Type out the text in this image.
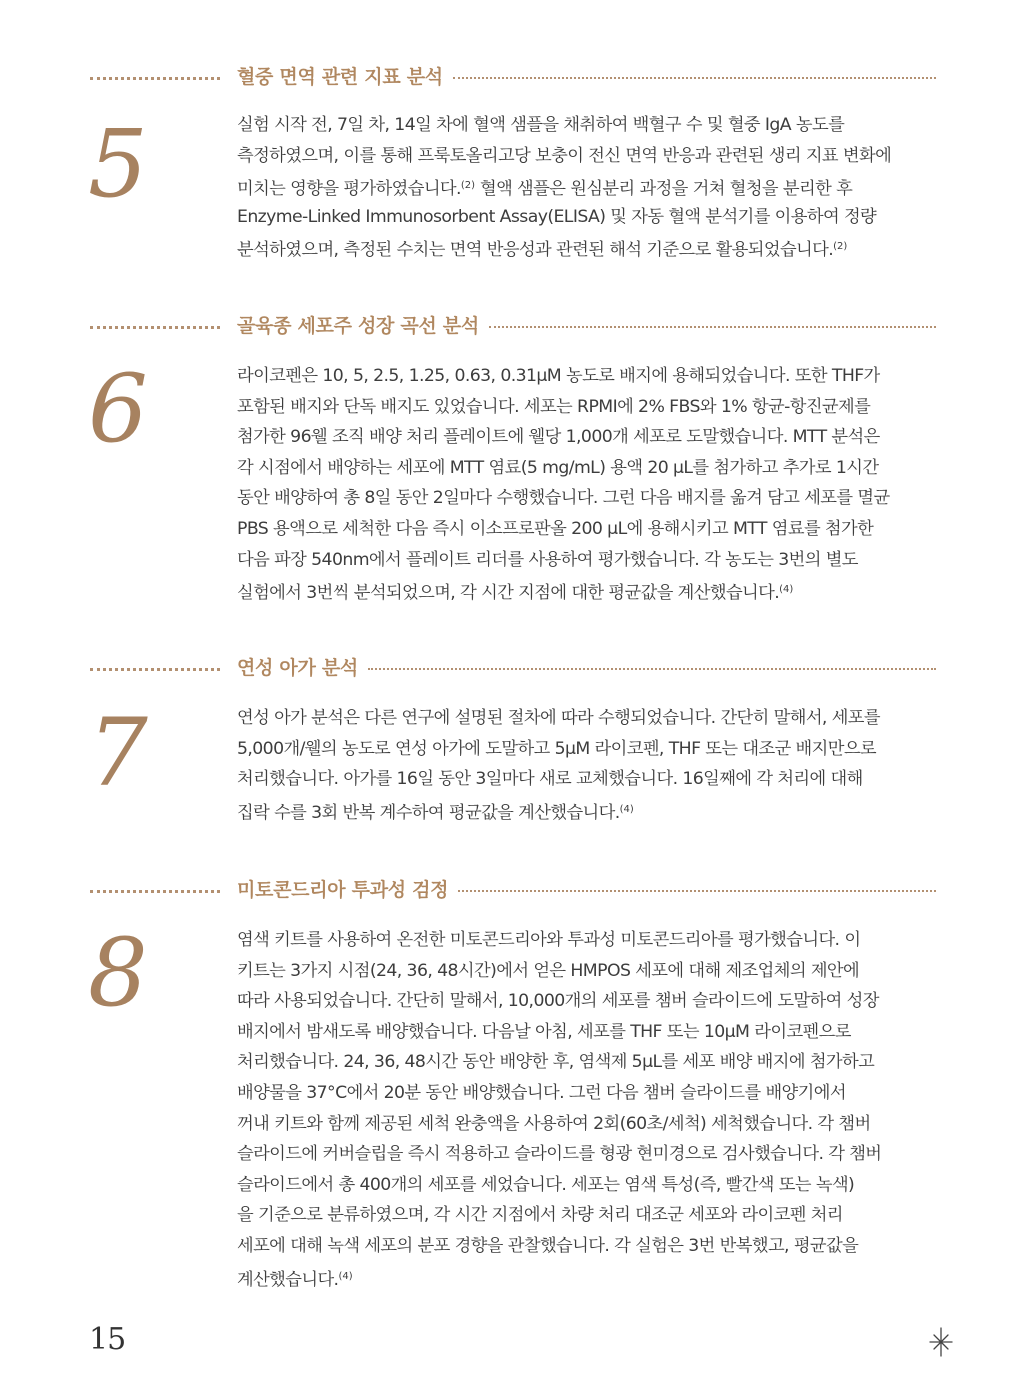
혈중 면역 관련 지표 분석
5	실험 시작 전, 7일 차, 14일 차에 혈액 샘플을 채취하여 백혈구 수 및 혈중 IgA 농도를
측정하였으며, 이를 통해 프룩토올리고당 보충이 전신 면역 반응과 관련된 생리 지표 변화에
미치는 영향을 평가하였습니다.$^{(2)}$ 혈액 샘플은 원심분리 과정을 거쳐 혈청을 분리한 후
Enzyme-Linked Immunosorbent Assay(ELISA) 및 자동 혈액 분석기를 이용하여 정량
분석하였으며, 측정된 수치는 면역 반응성과 관련된 해석 기준으로 활용되었습니다.$^{(2)}$
골육종 세포주 성장 곡선 분석
6	라이코펜은 10, 5, 2.5, 1.25, 0.63, 0.31μM 농도로 배지에 용해되었습니다. 또한 THF가
포함된 배지와 단독 배지도 있었습니다. 세포는 RPMI에 2% FBS와 1% 항균-항진균제를
첨가한 96웰 조직 배양 처리 플레이트에 웰당 1,000개 세포로 도말했습니다. MTT 분석은
각 시점에서 배양하는 세포에 MTT 염료(5 mg/mL) 용액 20 μL를 첨가하고 추가로 1시간
동안 배양하여 총 8일 동안 2일마다 수행했습니다. 그런 다음 배지를 옮겨 담고 세포를 멸균
PBS 용액으로 세척한 다음 즉시 이소프로판올 200 μL에 용해시키고 MTT 염료를 첨가한
다음 파장 540nm에서 플레이트 리더를 사용하여 평가했습니다. 각 농도는 3번의 별도
실험에서 3번씩 분석되었으며, 각 시간 지점에 대한 평균값을 계산했습니다.$^{(4)}$
연성 아가 분석
7	연성 아가 분석은 다른 연구에 설명된 절차에 따라 수행되었습니다. 간단히 말해서, 세포를
5,000개/웰의 농도로 연성 아가에 도말하고 5μM 라이코펜, THF 또는 대조군 배지만으로
처리했습니다. 아가를 16일 동안 3일마다 새로 교체했습니다. 16일째에 각 처리에 대해
집락 수를 3회 반복 계수하여 평균값을 계산했습니다.$^{(4)}$
미토콘드리아 투과성 검정
8	염색 키트를 사용하여 온전한 미토콘드리아와 투과성 미토콘드리아를 평가했습니다. 이
키트는 3가지 시점(24, 36, 48시간)에서 얻은 HMPOS 세포에 대해 제조업체의 제안에
따라 사용되었습니다. 간단히 말해서, 10,000개의 세포를 챔버 슬라이드에 도말하여 성장
배지에서 밤새도록 배양했습니다. 다음날 아침, 세포를 THF 또는 10μM 라이코펜으로
처리했습니다. 24, 36, 48시간 동안 배양한 후, 염색제 5μL를 세포 배양 배지에 첨가하고
배양물을 37°C에서 20분 동안 배양했습니다. 그런 다음 챔버 슬라이드를 배양기에서
꺼내 키트와 함께 제공된 세척 완충액을 사용하여 2회(60초/세척) 세척했습니다. 각 챔버
슬라이드에 커버슬립을 즉시 적용하고 슬라이드를 형광 현미경으로 검사했습니다. 각 챔버
슬라이드에서 총 400개의 세포를 세었습니다. 세포는 염색 특성(즉, 빨간색 또는 녹색)
을 기준으로 분류하였으며, 각 시간 지점에서 차량 처리 대조군 세포와 라이코펜 처리
세포에 대해 녹색 세포의 분포 경향을 관찰했습니다. 각 실험은 3번 반복했고, 평균값을
계산했습니다.$^{(4)}$
15
